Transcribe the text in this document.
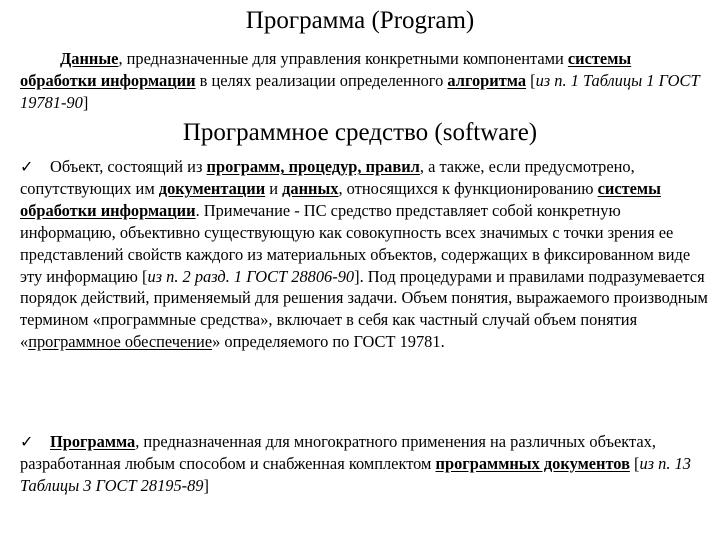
Программа (Program)

Данные, предназначенные для управления конкретными компонентами системы обработки информации в целях реализации определенного алгоритма [из п. 1 Таблицы 1 ГОСТ 19781-90]

Программное средство (software)

✓ Объект, состоящий из программ, процедур, правил, а также, если предусмотрено, сопутствующих им документации и данных, относящихся к функционированию системы обработки информации. Примечание - ПС средство представляет собой конкретную информацию, объективно существующую как совокупность всех значимых с точки зрения ее представлений свойств каждого из материальных объектов, содержащих в фиксированном виде эту информацию [из п. 2 разд. 1 ГОСТ 28806-90]. Под процедурами и правилами подразумевается порядок действий, применяемый для решения задачи. Объем понятия, выражаемого производным термином «программные средства», включает в себя как частный случай объем понятия «программное обеспечение» определяемого по ГОСТ 19781.

✓ Программа, предназначенная для многократного применения на различных объектах, разработанная любым способом и снабженная комплектом программных документов [из п. 13 Таблицы 3 ГОСТ 28195-89]
